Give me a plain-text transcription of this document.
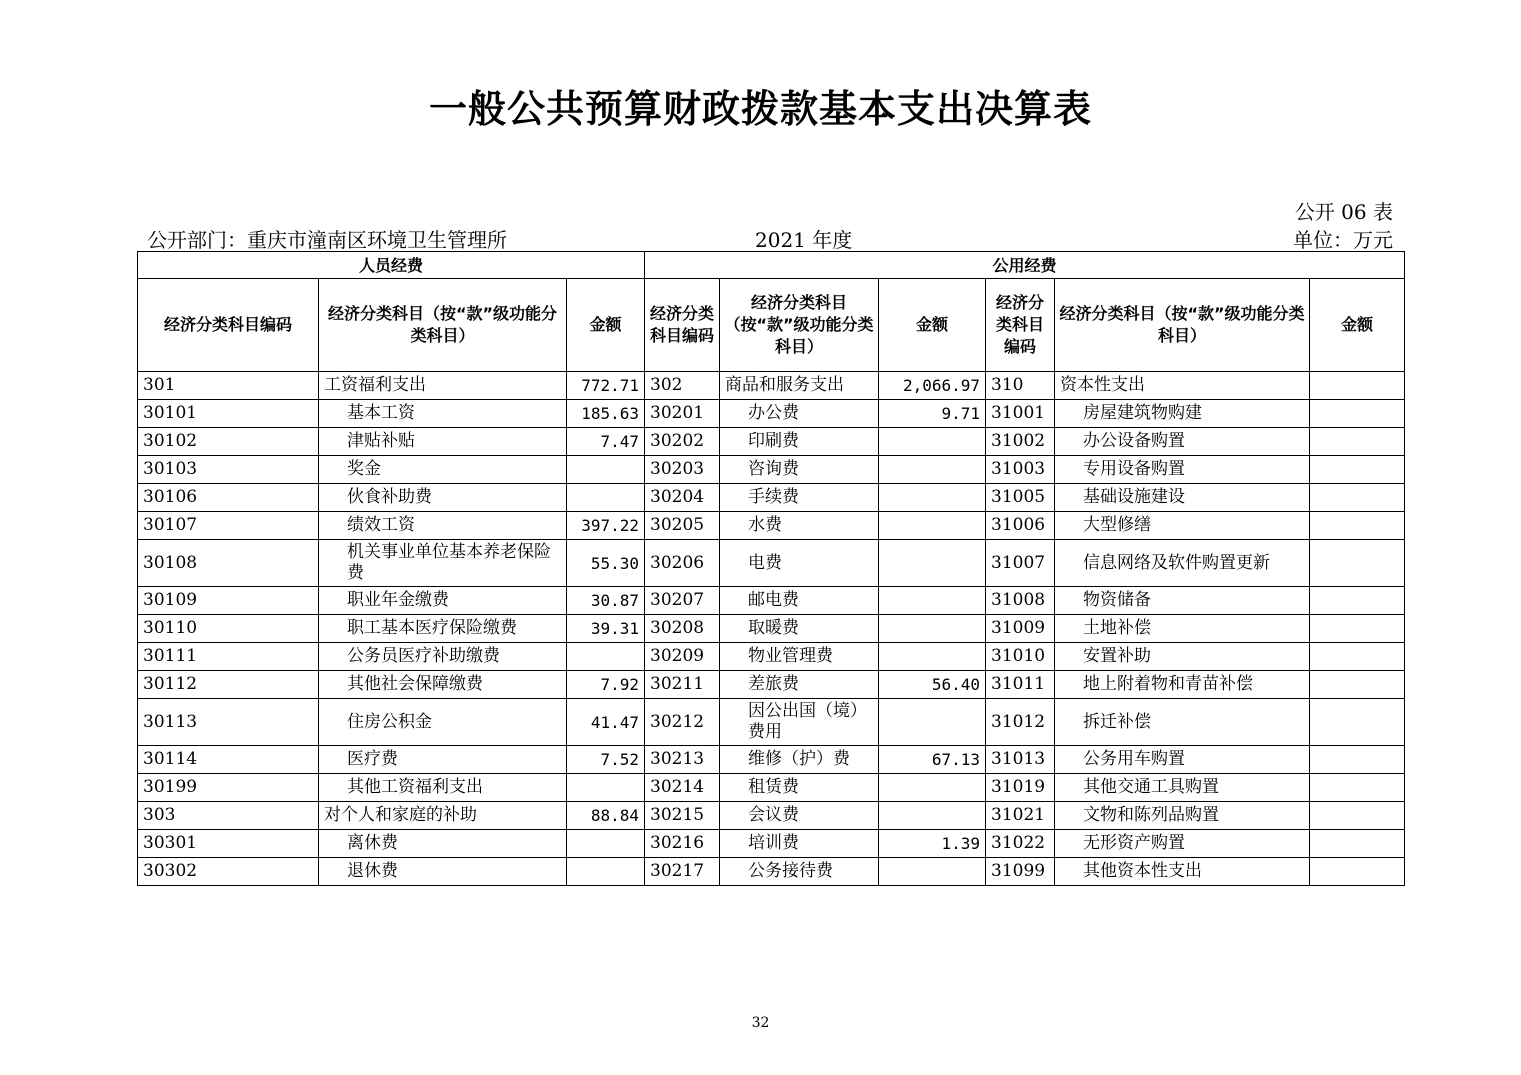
一般公共预算财政拨款基本支出决算表
公开 06 表
公开部门：重庆市潼南区环境卫生管理所	2021 年度	单位：万元
人员经费			公用经费					
经济分类科目编码	经济分类科目（按“款”级功能分类科目）	金额	经济分类科目编码	经济分类科目（按“款”级功能分类科目）	金额	经济分类科目编码	经济分类科目（按“款”级功能分类科目）	金额
301	工资福利支出	772.71	302	商品和服务支出	2,066.97	310	资本性支出	
30101	基本工资	185.63	30201	办公费	9.71	31001	房屋建筑物购建	
30102	津贴补贴	7.47	30202	印刷费		31002	办公设备购置	
30103	奖金		30203	咨询费		31003	专用设备购置	
30106	伙食补助费		30204	手续费		31005	基础设施建设	
30107	绩效工资	397.22	30205	水费		31006	大型修缮	
30108	机关事业单位基本养老保险费	55.30	30206	电费		31007	信息网络及软件购置更新	
30109	职业年金缴费	30.87	30207	邮电费		31008	物资储备	
30110	职工基本医疗保险缴费	39.31	30208	取暖费		31009	土地补偿	
30111	公务员医疗补助缴费		30209	物业管理费		31010	安置补助	
30112	其他社会保障缴费	7.92	30211	差旅费	56.40	31011	地上附着物和青苗补偿	
30113	住房公积金	41.47	30212	因公出国（境）费用		31012	拆迁补偿	
30114	医疗费	7.52	30213	维修（护）费	67.13	31013	公务用车购置	
30199	其他工资福利支出		30214	租赁费		31019	其他交通工具购置	
303	对个人和家庭的补助	88.84	30215	会议费		31021	文物和陈列品购置	
30301	离休费		30216	培训费	1.39	31022	无形资产购置	
30302	退休费		30217	公务接待费		31099	其他资本性支出	
32
